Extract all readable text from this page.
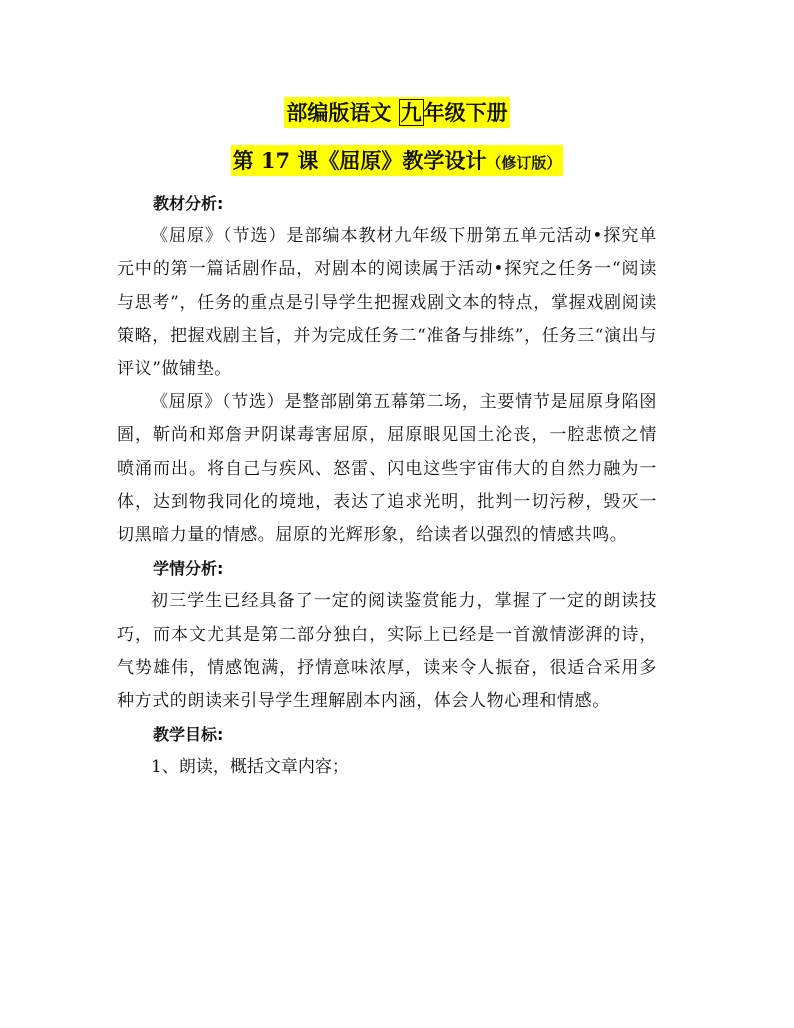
部编版语文 九年级下册
第 17 课《屈原》教学设计（修订版）

教材分析:

《屈原》（节选）是部编本教材九年级下册第五单元活动•探究单元中的第一篇话剧作品，对剧本的阅读属于活动•探究之任务一“阅读与思考”，任务的重点是引导学生把握戏剧文本的特点，掌握戏剧阅读策略，把握戏剧主旨，并为完成任务二“准备与排练”，任务三“演出与评议”做铺垫。

《屈原》（节选）是整部剧第五幕第二场，主要情节是屈原身陷囹圄，靳尚和郑詹尹阴谋毒害屈原，屈原眼见国土沦丧，一腔悲愤之情喷涌而出。将自己与疾风、怒雷、闪电这些宇宙伟大的自然力融为一体，达到物我同化的境地，表达了追求光明，批判一切污秽，毁灭一切黑暗力量的情感。屈原的光辉形象，给读者以强烈的情感共鸣。

学情分析:

初三学生已经具备了一定的阅读鉴赏能力，掌握了一定的朗读技巧，而本文尤其是第二部分独白，实际上已经是一首激情澎湃的诗，气势雄伟，情感饱满，抒情意味浓厚，读来令人振奋，很适合采用多种方式的朗读来引导学生理解剧本内涵，体会人物心理和情感。

教学目标:

1、朗读，概括文章内容；
